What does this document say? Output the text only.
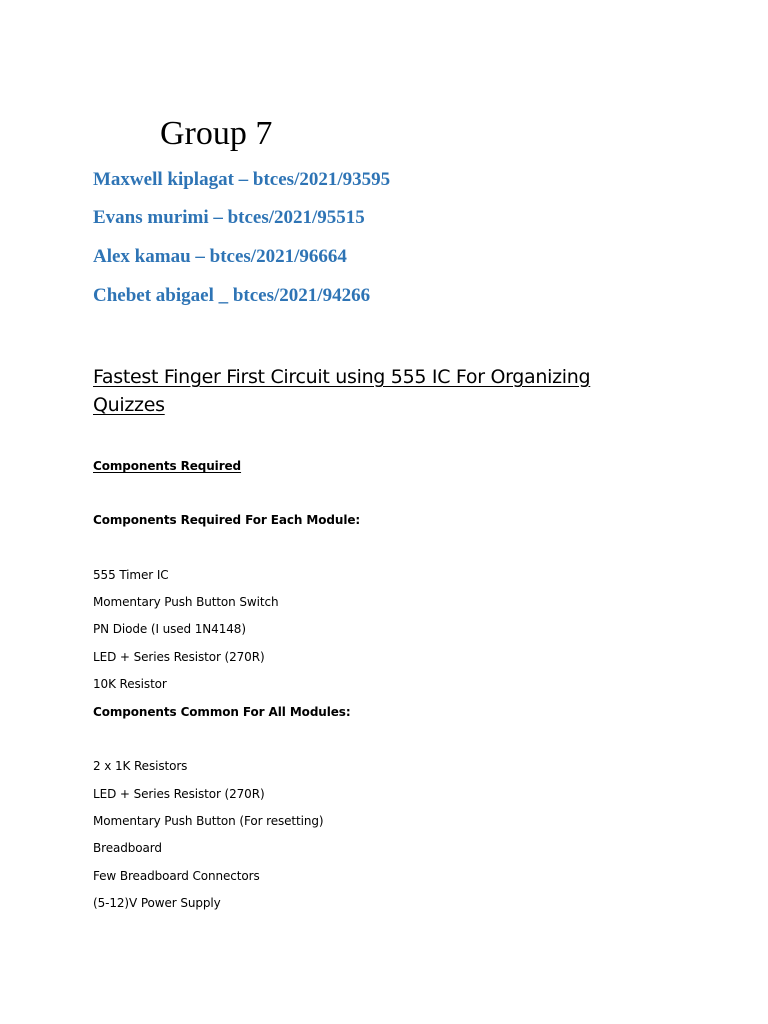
Group 7
Maxwell kiplagat – btces/2021/93595
Evans murimi – btces/2021/95515
Alex kamau – btces/2021/96664
Chebet abigael _ btces/2021/94266
Fastest Finger First Circuit using 555 IC For Organizing Quizzes
Components Required
Components Required For Each Module:
555 Timer IC
Momentary Push Button Switch
PN Diode (I used 1N4148)
LED + Series Resistor (270R)
10K Resistor
Components Common For All Modules:
2 x 1K Resistors
LED + Series Resistor (270R)
Momentary Push Button (For resetting)
Breadboard
Few Breadboard Connectors
(5-12)V Power Supply
